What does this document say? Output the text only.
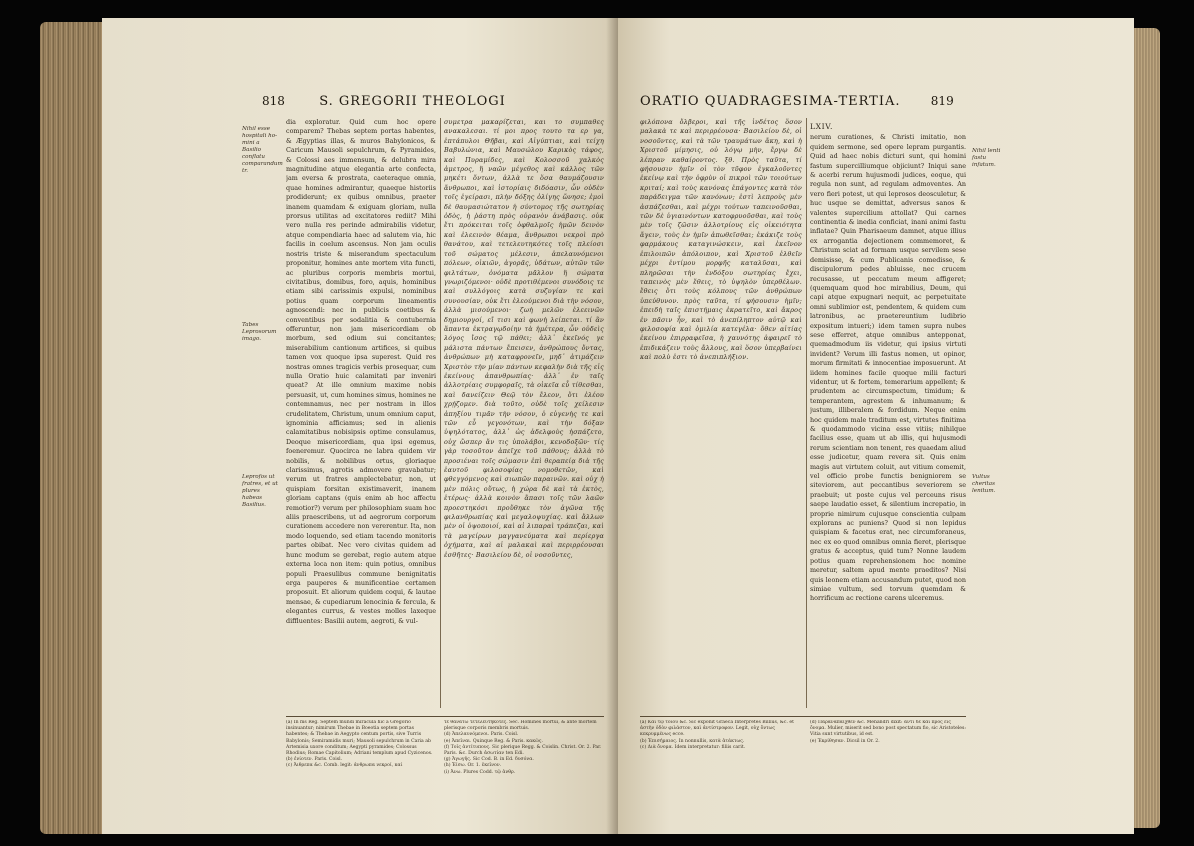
818	S. GREGORII THEOLOGI
Nihil esse hospitali ho-mini a Basilio conflatu comparandum tr.
Tabes Leprosorum imago.
Leprofos ut fratres, et ut plures habeas Basilius.

dia exploratur. Quid cum hoc opere comparem? Thebas septem portas habentes, & Ægyptias illas, & muros Babylonicos, & Caricum Mausoli sepulchrum, & Pyramides, & Colossi aes immensum, & delubra mira magnitudine atque elegantia arte confecta, jam eversa & prostrata, caeteraque omnia, quae homines admirantur, quaeque historiis prodiderunt; ex quibus omnibus, praeter inanem quamdam & exiguam gloriam, nulla prorsus utilitas ad excitatores rediit? Mihi vero nulla res perinde admirabilis videtur, atque compendiaria haec ad salutem via, hic facilis in coelum ascensus. Non jam oculis nostris triste & miserandum spectaculum proponitur, homines ante mortem vita functi, ac pluribus corporis membris mortui, civitatibus, domibus, foro, aquis, hominibus etiam sibi carissimis expulsi, nominibus potius quam corporum lineamentis agnoscendi: nec in publicis coetibus & conventibus per sodalitia & contubernia offeruntur, non jam misericordiam ob morbum, sed odium sui concitantes; miserabilium cantionum artifices, si quibus tamen vox quoque ipsa superest. Quid res nostras omnes tragicis verbis prosequar, cum nulla Oratio huic calamitati par inveniri queat? At ille omnium maxime nobis persuasit, ut, cum homines simus, homines ne contemnamus, nec per nostram in illos crudelitatem, Christum, unum omnium caput, ignominia afficiamus; sed in alienis calamitatibus nobisipsis optime consulamus, Deoque misericordiam, qua ipsi egemus, foeneremur. Quocirca ne labra quidem vir nobilis, & nobilibus ortus, gloriaque clarissimus, agrotis admovere gravabatur; verum ut fratres amplectebatur, non, ut quispiam forsitan existimaverit, inanem gloriam captans (quis enim ab hoc affectu remotior?) verum per philosophiam suam hoc aliis praescribens, ut ad aegrorum corporum curationem accedere non vererentur. Ita, non modo loquendo, sed etiam tacendo monitoris partes obibat. Nec vero civitas quidem ad hunc modum se gerebat, regio autem atque externa loca non item: quin potius, omnibus populi Praesulibus commune benignitatis erga pauperes & munificentiae certamen proposuit. Et aliorum quidem coqui, & lautae mensae, & cupediarum lenocinia & fercula, & elegantes currus, & vestes molles laxeque diffluentes: Basilii autem, aegroti, & vul-

συμετρα μακαρίζεται, και το συμπαθες ανακαλεσαι. τί μοι προς τουτο τα ερ γα, ἑπτάπυλοι Θῆβαι, καὶ Αἰγύπτιαι, καὶ τείχη Βαβυλώνια, καὶ Μαυσώλου Καρικὸς τάφος, καὶ Πυραμίδες, καὶ Κολοσσοῦ χαλκὸς ἀμετρος, ἢ ναῶν μέγεθος καὶ κάλλος τῶν μηκέτι ὄντων, ἀλλὰ τε ὅσα θαυμάζουσιν ἄνθρωποι, καὶ ἱστορίαις διδόασιν, ὧν οὐδὲν τοῖς ἐγείρασι, πλὴν δόξης ὀλίγης ὤνησε; ἐμοὶ δὲ θαυμασιώτατον ἡ σύντομος τῆς σωτηρίας ὁδὸς, ἡ ῥάστη πρὸς οὐρανὸν ἀνάβασις. οὐκ ἔτι πρόκειται τοῖς ὀφθαλμοῖς ἡμῶν δεινὸν καὶ ἐλεεινὸν θέαμα, ἄνθρωποι νεκροὶ πρὸ θανάτου, καὶ τετελευτηκότες τοῖς πλείοσι τοῦ σώματος μέλεσιν, ἀπελαυνόμενοι πόλεων, οἰκιῶν, ἀγορᾶς, ὑδάτων, αὐτῶν τῶν φιλτάτων, ὀνόματα μᾶλλον ἢ σώματα γνωριζόμενοι· οὐδὲ προτιθέμενοι συνόδοις τε καὶ συλλόγοις κατὰ συζυγίαν τε καὶ συνουσίαν, οὐκ ἔτι ἐλεούμενοι διὰ τὴν νόσον, ἀλλὰ μισούμενοι· ζωὴ μελῶν ἐλεεινῶν δημιουργοί, εἴ τισι καὶ φωνὴ λείπεται. τί ἂν ἅπαντα ἐκτραγῳδοίην τὰ ἡμέτερα, ὧν οὐδεὶς λόγος ἴσος τῷ πάθει; ἀλλ᾽ ἐκεῖνός γε μάλιστα πάντων ἔπεισεν, ἀνθρώπους ὄντας, ἀνθρώπων μὴ καταφρονεῖν, μηδ᾽ ἀτιμάζειν Χριστὸν τὴν μίαν πάντων κεφαλὴν διὰ τῆς εἰς ἐκείνους ἀπανθρωπίας· ἀλλ᾽ ἐν ταῖς ἀλλοτρίαις συμφοραῖς, τὰ οἰκεῖα εὖ τίθεσθαι, καὶ δανείζειν Θεῷ τὸν ἔλεον, ὅτι ἐλέου χρῄζομεν. διὰ τοῦτο, οὐδὲ τοῖς χείλεσιν ἀπηξίου τιμᾶν τὴν νόσον, ὁ εὐγενὴς τε καὶ τῶν εὖ γεγονότων, καὶ τὴν δόξαν ὑψηλότατος, ἀλλ᾽ ὡς ἀδελφοὺς ἠσπάζετο, οὐχ ὥσπερ ἄν τις ὑπολάβοι, κενοδοξῶν· τίς γὰρ τοσοῦτον ἀπεῖχε τοῦ πάθους; ἀλλὰ τὸ προσιέναι τοῖς σώμασιν ἐπὶ θεραπείᾳ διὰ τῆς ἑαυτοῦ φιλοσοφίας νομοθετῶν, καὶ φθεγγόμενος καὶ σιωπῶν παραινῶν. καὶ οὐχ ἡ μὲν πόλις οὕτως, ἡ χώρα δὲ καὶ τὰ ἐκτὸς, ἑτέρως· ἀλλὰ κοινὸν ἅπασι τοῖς τῶν λαῶν προεστηκόσι προὔθηκε τὸν ἀγῶνα τῆς φιλανθρωπίας καὶ μεγαλοψυχίας. καὶ ἄλλων μὲν οἱ ὀψοποιοί, καὶ αἱ λιπαραὶ τράπεζαι, καὶ τὰ μαγείρων μαγγανεύματα καὶ περίεργα ὀχήματα, καὶ αἱ μαλακαὶ καὶ περιρρέουσαι ἐσθῆτες· Βασιλείου δὲ, οἱ νοσοῦντες,

(a) In ms Reg. Septem mundi miracula hic a Gregorio insinuantur; nimirum Thebae in Boeotia septem portas habentes; & Thebae in Aegypto centum portis, sive Turris Babylonis; Semiramidis muri; Mausoli sepulchrum in Caria ab Artemisia uxore conditum; Aegypti pyramides; Colossus Rhodius; Romae Capitolium; Adriani templum apud Cyzicenos.
(b) ἐνίοτεν. Paris. Coisl.
(c) Ἀιθρεπα &c. Comb. legit: ἀνθρωπα νεκροί, καί
τε θανάτω τετελευτηκότες. Sec. Homines mortui, & ante mortem plerisque corporis membris mortuis.
(d) Ἀπελαυνόμενοι. Paris. Coisl.
(e) Ἀπεῖναι. Quinque Reg. & Paris. κακῶς.
(f) Τοῖς ἀντίτυπους. Sic plerique Regg. & Coislin. Christ. Or. 2. Par. Paris. &c. Durch ἀσωτίαν ten Edi.
(g) Ἀγωγῆς. Sic Cod. B. in Ed. δυσόνα.
(h) Ἐίσω. Or. 1. ἐκεῖνον.
(i) Ἀνω. Plures Codd. τῷ ἀνθρ.
ORATIO QUADRAGESIMA-TERTIA.	819

φιλόπονα ὄλβεροι, καὶ τῆς ἰνδέτος ὅσον μαλακὰ τε καὶ περιρρέουσα· Βασιλείου δὲ, οἱ νοσοῦντες, καὶ τὰ τῶν τραυμάτων ἄκη, καὶ ἡ Χριστοῦ μίμησις, οὐ λόγῳ μὴν, ἔργῳ δὲ λέπραν καθαίροντος. ξθ. Πρὸς ταῦτα, τί φήσουσιν ἡμῖν οἱ τὸν τῦφον ἐγκαλοῦντες ἐκείνῳ καὶ τὴν ὀφρὺν οἱ πικροὶ τῶν τοιούτων κριταί; καὶ τοὺς κανόνας ἐπάγοντες κατὰ τὸν παράδειγμα τῶν κανόνων; ἐστὶ λεπροὺς μὲν ἀσπάζεσθαι, καὶ μέχρι τούτων ταπεινοῦσθαι, τῶν δὲ ὑγιαινόντων κατοφρυοῦσθαι, καὶ τοὺς μὲν τοῖς ζῶσιν ἀλλοτρίους εἰς οἰκειότητα ἄγειν, τοὺς ἐν ἡμῖν ἀπωθεῖσθαι; ἐκάκιζε τοὺς φαρμάκους καταγινώσκειν, καὶ ἐκεῖνον ἐπιλοιπῶν ἀπόλοιπον, καὶ Χριστοῦ ἐλθεῖν μέχρι ἐντίμου μορφῆς καταλῦσαι, καὶ πληρῶσαι τὴν ἐνδόξου σωτηρίας ἔχει, ταπεινὸς μὲν ἔθεις, τὸ ὑψηλὸν ὑπερθέλων. ἔθεις ὅτι τοὺς κόλπους τῶν ἀνθρώπων ὑπεύθυνον. πρὸς ταῦτα, τί φήσουσιν ἡμῖν; ἐπειδὴ ταῖς ἐπιστήμαις ἐκρατεῖτο, καὶ ἄκρος ἐν πᾶσιν ἦν, καὶ τὸ ἀνεπίληπτον αὐτῷ καὶ φιλοσοφία καὶ ὁμιλία κατεγέλα· ὅθεν αἰτίας ἐκείνου ἐπιρραφεῖσα, ἡ χαυνότης ἀφαιρεῖ τὸ ἐπιδικάζειν τοὺς ἄλλους, καὶ ὅσον ὑπερβαίνει καὶ πολὺ ἐστι τὸ ἀνεπιπλήξιον.

LXIV.

nerum curationes, & Christi imitatio, non quidem sermone, sed opere lepram purgantis. Quid ad haec nobis dicturi sunt, qui homini fastum supercilliumque objiciunt? Iniqui sane & acerbi rerum hujusmodi judices, eoque, qui regula non sunt, ad regulam admoventes. An vero fieri potest, ut qui leprosos deosculetur, & huc usque se demittat, adversus sanos & valentes supercilium attollat? Qui carnes continentia & inedia conficiat, inani animi fastu inflatae? Quin Pharisaeum damnet, atque illius ex arrogantia dejectionem commemoret, & Christum sciat ad formam usque servilem sese demisisse, & cum Publicanis comedisse, & discipulorum pedes abluisse, nec crucem recusasse, ut peccatum meum affigeret; (quemquam quod hoc mirabilius, Deum, qui capi atque expugnari nequit, ac perpetuitate omni sublimior est, pendentem, & quidem cum latronibus, ac praetereuntium ludibrio expositum intueri;) idem tamen supra nubes sese efferret, atque omnibus antepponat, quemadmodum iis videtur, qui ipsius virtuti invident? Verum illi fastus nomen, ut opinor, morum firmitati & innocentiae imposuerunt. At iidem homines facile quoque milii facturi videntur, ut & fortem, temerarium appellent; & prudentem ac circumspectum, timidum; & temperantem, agrestem & inhumanum; & justum, illiberalem & fordidum. Neque enim hoc quidem male traditum est, virtutes finitima & quodammodo vicina esse vitiis; nihilque facilius esse, quam ut ab illis, qui hujusmodi rerum scientiam non tenent, res quaedam aliud esse judicetur, quam revera sit. Quis enim magis aut virtutem coluit, aut vitium comemit, vel officio probe functis benigniorem se siteviorem, aut peccantibus severiorem se praebuit; ut poste cujus vel perceuns risus saepe laudatio esset, & silentium increpatio, in proprie nimirum cujusque conscientia culpam explorans ac puniens? Quod si non lepidus quispiam & facetus erat, nec circumforaneus, nec ex eo quod omnibus omnia fieret, plerisque gratus & acceptus, quid tum? Nonne laudem potius quam reprehensionem hoc nomine meretur, saltem apud mente praeditos? Nisi quis leonem etiam accusandum putet, quod non simiae vultum, sed torvum quemdam & horrificum ac rectione carens ulceremus.

Nihil lenti fastu infatum.
Vultus cheritas lenitum.
(a) Καὶ τῷ τοίου &c. Sic exponit Graeca Interpretes Billius, &c. et ἀστὴν ὁδὸν φιλάστον, καὶ ἀντίστροφον. Legit, οὐχ ὄντως κεκρυμμένως ecce.
(b) Ἐπισήμαιος. In nonnullis, κατὰ ἀτάκτως.
(c) Διὰ ὄνομα. Idem interpretatur: filiis carit.
(d) Παραναπαιχθὲν &c. Menandri dixit: ἀντὶ δὲ καὶ πρὸς εἰς ὄνομα. Mulier, miserit sed bono post spectatum fio, sic Aristoteles: Vitia sunt virtutibus, id est.
(e) Ἐκρίθησαν. Dicsil in Or. 2.
